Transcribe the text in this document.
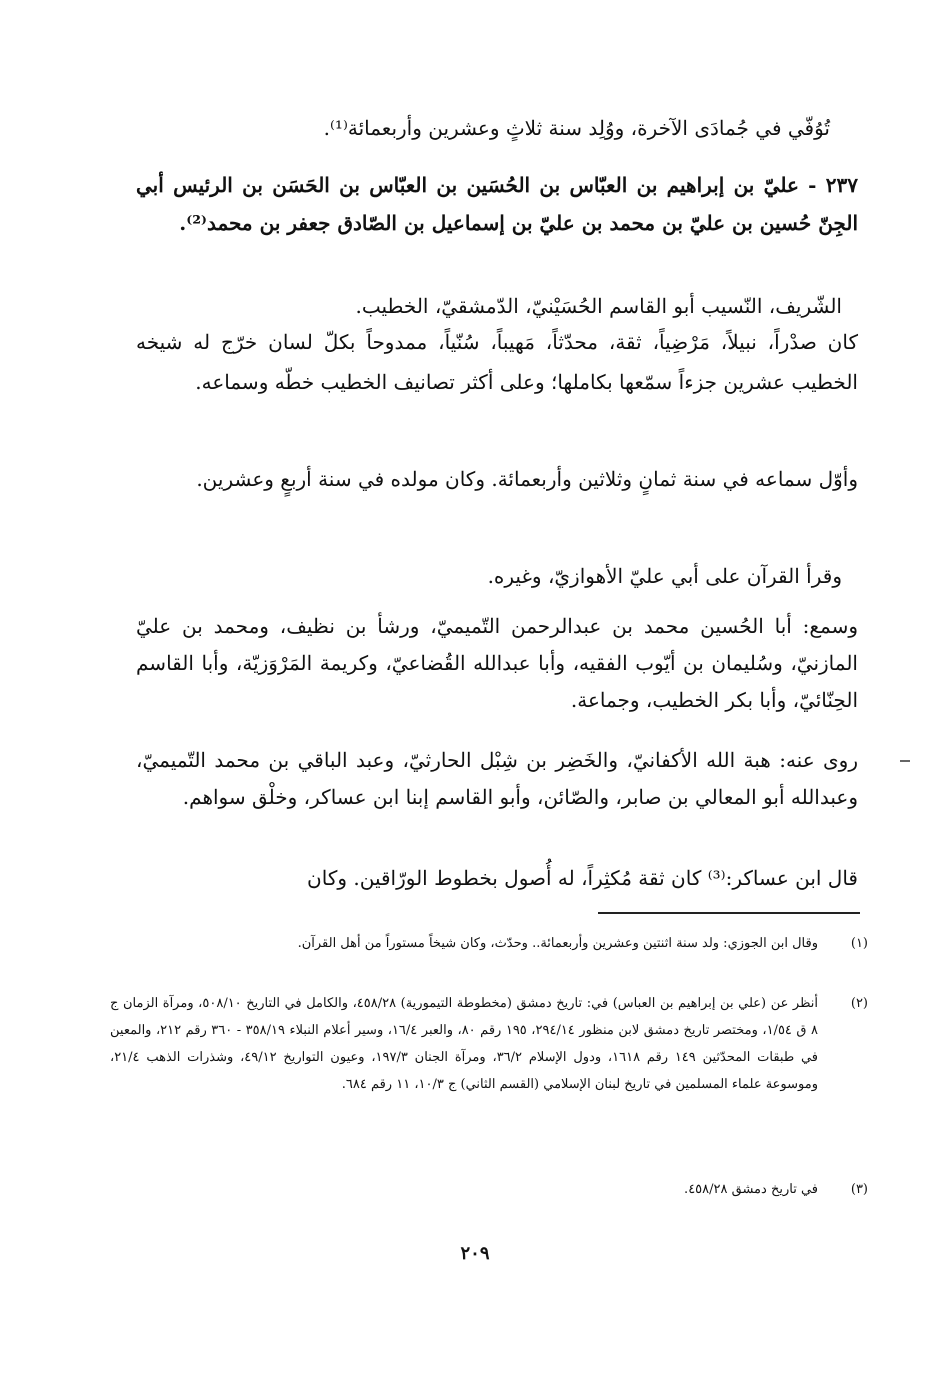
تُوُفّي في جُمادَى الآخرة، ووُلِد سنة ثلاثٍ وعشرين وأربعمائة⁽¹⁾.
٢٣٧ - عليّ بن إبراهيم بن العبّاس بن الحُسَين بن العبّاس بن الحَسَن بن الرئيس أبي الجِنّ حُسين بن عليّ بن محمد بن عليّ بن إسماعيل بن الصّادق جعفر بن محمد⁽²⁾.
الشّريف، النّسيب أبو القاسم الحُسَيْنيّ، الدّمشقيّ، الخطيب.
كان صدْراً، نبيلاً، مَرْضِياً، ثقة، محدّثاً، مَهيباً، سُنّياً، ممدوحاً بكلّ لسان خرّج له شيخه الخطيب عشرين جزءاً سمّعها بكاملها؛ وعلى أكثر تصانيف الخطيب خطّه وسماعه.
وأوّل سماعه في سنة ثمانٍ وثلاثين وأربعمائة. وكان مولده في سنة أربعٍ وعشرين.
وقرأ القرآن على أبي عليّ الأهوازيّ، وغيره.
وسمع: أبا الحُسين محمد بن عبدالرحمن التّميميّ، ورشأ بن نظيف، ومحمد بن عليّ المازنيّ، وسُليمان بن أيّوب الفقيه، وأبا عبدالله القُضاعيّ، وكريمة المَرْوَزيّة، وأبا القاسم الحِنّائيّ، وأبا بكر الخطيب، وجماعة.
روى عنه: هبة الله الأكفانيّ، والخَضِر بن شِبْل الحارثيّ، وعبد الباقي بن محمد التّميميّ، وعبدالله أبو المعالي بن صابر، والصّائن، وأبو القاسم إبنا ابن عساكر، وخلْق سواهم.
قال ابن عساكر:⁽³⁾ كان ثقة مُكثِراً، له أُصول بخطوط الورّاقين. وكان
(١)
وقال ابن الجوزي: ولد سنة اثنتين وعشرين وأربعمائة.. وحدّث، وكان شيخاً مستوراً من أهل القرآن.
(٢)
أنظر عن (علي بن إبراهيم بن العباس) في: تاريخ دمشق (مخطوطة التيمورية) ٤٥٨/٢٨، والكامل في التاريخ ٥٠٨/١٠، ومرآة الزمان ج ٨ ق ١/٥٤، ومختصر تاريخ دمشق لابن منظور ٢٩٤/١٤، ١٩٥ رقم ٨٠، والعبر ١٦/٤، وسير أعلام النبلاء ٣٥٨/١٩ - ٣٦٠ رقم ٢١٢، والمعين في طبقات المحدّثين ١٤٩ رقم ١٦١٨، ودول الإسلام ٣٦/٢، ومرآة الجنان ١٩٧/٣، وعيون التواريخ ٤٩/١٢، وشذرات الذهب ٢١/٤، وموسوعة علماء المسلمين في تاريخ لبنان الإسلامي (القسم الثاني) ج ١٠/٣، ١١ رقم ٦٨٤.
(٣)
في تاريخ دمشق ٤٥٨/٢٨.
٢٠٩
